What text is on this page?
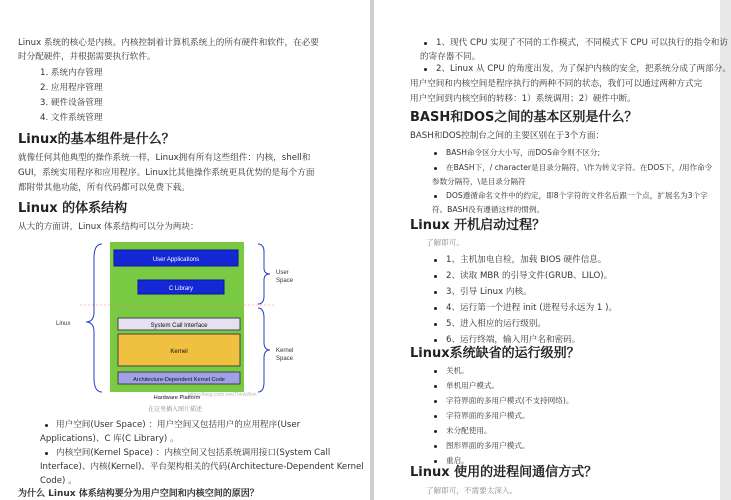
Linux 系统的核心是内核。内核控制着计算机系统上的所有硬件和软件，在必要
时分配硬件，并根据需要执行软件。
1. 系统内存管理
2. 应用程序管理
3. 硬件设备管理
4. 文件系统管理
Linux的基本组件是什么？
就像任何其他典型的操作系统一样，Linux拥有所有这些组件：内核，shell和
GUI，系统实用程序和应用程序。Linux比其他操作系统更具优势的是每个方面
都附带其他功能，所有代码都可以免费下载。
Linux 的体系结构
从大的方面讲，Linux 体系结构可以分为两块：
User Applications
C Library
System Call Interface
Kernel
Architecture-Dependent Kernel Code
Hardware Platform
User
Space
Kernel
Space
Linux
https://blog.csdn.net/ThinkWon
在这里插入图片描述
用户空间(User Space) ：用户空间又包括用户的应用程序(User
Applications)、C 库(C Library) 。
内核空间(Kernel Space) ：内核空间又包括系统调用接口(System Call
Interface)、内核(Kernel)、平台架构相关的代码(Architecture-Dependent Kernel
Code) 。
为什么 Linux 体系结构要分为用户空间和内核空间的原因？
1、现代 CPU 实现了不同的工作模式，不同模式下 CPU 可以执行的指令和访
的寄存器不同。
2、Linux 从 CPU 的角度出发，为了保护内核的安全，把系统分成了两部分。
用户空间和内核空间是程序执行的两种不同的状态，我们可以通过两种方式完
用户空间到内核空间的转移：1）系统调用；2）硬件中断。
BASH和DOS之间的基本区别是什么？
BASH和DOS控制台之间的主要区别在于3个方面：
BASH命令区分大小写，而DOS命令则不区分;
在BASH下，/ character是目录分隔符，\作为转义字符。在DOS下，/用作命令
参数分隔符，\是目录分隔符
DOS遵循命名文件中的约定，即8个字符的文件名后跟一个点，扩展名为3个字
符。BASH没有遵循这样的惯例。
Linux 开机启动过程？
了解即可。
1、主机加电自检，加载 BIOS 硬件信息。
2、读取 MBR 的引导文件(GRUB、LILO)。
3、引导 Linux 内核。
4、运行第一个进程 init (进程号永远为 1 )。
5、进入相应的运行级别。
6、运行终端，输入用户名和密码。
Linux系统缺省的运行级别？
关机。
单机用户模式。
字符界面的多用户模式(不支持网络)。
字符界面的多用户模式。
未分配使用。
图形界面的多用户模式。
重启。
Linux 使用的进程间通信方式？
了解即可，不需要太深入。
